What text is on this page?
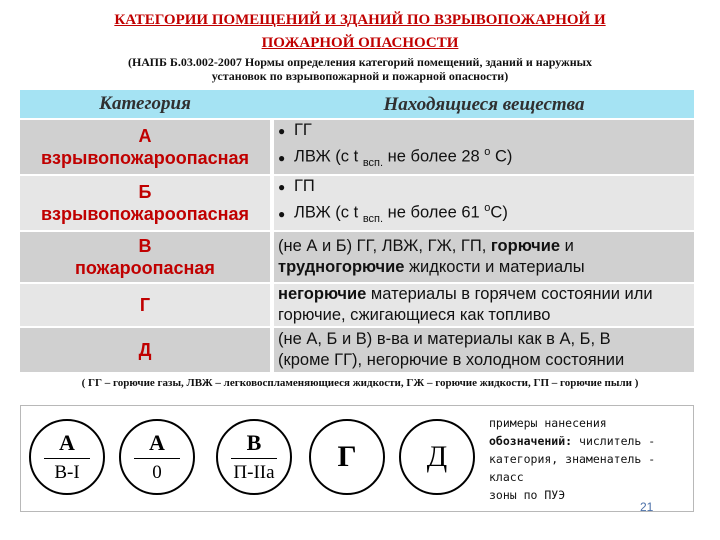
КАТЕГОРИИ ПОМЕЩЕНИЙ И ЗДАНИЙ ПО ВЗРЫВОПОЖАРНОЙ И
ПОЖАРНОЙ ОПАСНОСТИ
(НАПБ Б.03.002-2007 Нормы определения категорий помещений, зданий и наружных
установок по взрывопожарной и пожарной опасности)
Категория	Находящиеся вещества
А
взрывопожароопасная
● ГГ
● ЛВЖ (с t $_{всп.}$ не более 28 $^о$ С)
Б
взрывопожароопасная
● ГП
● ЛВЖ (с t $_{всп.}$ не более 61 $^о$С)
В
пожароопасная
(не А и Б) ГГ, ЛВЖ, ГЖ, ГП, горючие и
трудногорючие жидкости и материалы
Г
негорючие материалы в горячем состоянии или
горючие, сжигающиеся как топливо
Д
(не А, Б и В) в-ва и материалы как в А, Б, В
(кроме ГГ), негорючие в холодном состоянии
( ГГ – горючие газы, ЛВЖ – легковоспламеняющиеся жидкости, ГЖ – горючие жидкости, ГП – горючие пыли )
А
В-І
А
0
В
П-ІІа Г Д
примеры нанесения
обозначений: числитель -
категория, знаменатель - класс
зоны по ПУЭ
21
